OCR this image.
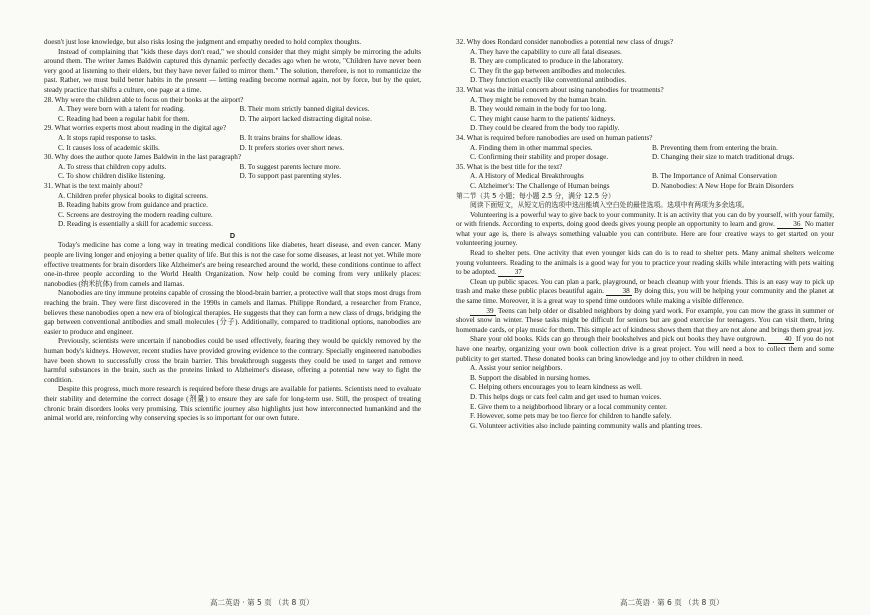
doesn't just lose knowledge, but also risks losing the judgment and empathy needed to hold complex thoughts.

Instead of complaining that "kids these days don't read," we should consider that they might simply be mirroring the adults around them. The writer James Baldwin captured this dynamic perfectly decades ago when he wrote, "Children have never been very good at listening to their elders, but they have never failed to mirror them." The solution, therefore, is not to romanticize the past. Rather, we must build better habits in the present — letting reading become normal again, not by force, but by the quiet, steady practice that shifts a culture, one page at a time.

28. Why were the children able to focus on their books at the airport?

A. They were born with a talent for reading.	B. Their mom strictly banned digital devices.
C. Reading had been a regular habit for them.	D. The airport lacked distracting digital noise.

29. What worries experts most about reading in the digital age?

A. It stops rapid response to tasks.	B. It trains brains for shallow ideas.
C. It causes loss of academic skills.	D. It prefers stories over short news.

30. Why does the author quote James Baldwin in the last paragraph?

A. To stress that children copy adults.	B. To suggest parents lecture more.
C. To show children dislike listening.	D. To support past parenting styles.

31. What is the text mainly about?

A. Children prefer physical books to digital screens.

B. Reading habits grow from guidance and practice.

C. Screens are destroying the modern reading culture.

D. Reading is essentially a skill for academic success.

D

Today's medicine has come a long way in treating medical conditions like diabetes, heart disease, and even cancer. Many people are living longer and enjoying a better quality of life. But this is not the case for some diseases, at least not yet. While more effective treatments for brain disorders like Alzheimer's are being researched around the world, these conditions continue to affect one-in-three people according to the World Health Organization. Now help could be coming from very unlikely places: nanobodies (纳米抗体) from camels and llamas.

Nanobodies are tiny immune proteins capable of crossing the blood-brain barrier, a protective wall that stops most drugs from reaching the brain. They were first discovered in the 1990s in camels and llamas. Philippe Rondard, a researcher from France, believes these nanobodies open a new era of biological therapies. He suggests that they can form a new class of drugs, bridging the gap between conventional antibodies and small molecules (分子). Additionally, compared to traditional options, nanobodies are easier to produce and engineer.

Previously, scientists were uncertain if nanobodies could be used effectively, fearing they would be quickly removed by the human body's kidneys. However, recent studies have provided growing evidence to the contrary. Specially engineered nanobodies have been shown to successfully cross the brain barrier. This breakthrough suggests they could be used to target and remove harmful substances in the brain, such as the proteins linked to Alzheimer's disease, offering a potential new way to fight the condition.

Despite this progress, much more research is required before these drugs are available for patients. Scientists need to evaluate their stability and determine the correct dosage (剂量) to ensure they are safe for long-term use. Still, the prospect of treating chronic brain disorders looks very promising. This scientific journey also highlights just how interconnected humankind and the animal world are, reinforcing why conserving species is so important for our own future.

32. Why does Rondard consider nanobodies a potential new class of drugs?

A. They have the capability to cure all fatal diseases.

B. They are complicated to produce in the laboratory.

C. They fit the gap between antibodies and molecules.

D. They function exactly like conventional antibodies.

33. What was the initial concern about using nanobodies for treatments?

A. They might be removed by the human brain.

B. They would remain in the body for too long.

C. They might cause harm to the patients' kidneys.

D. They could be cleared from the body too rapidly.

34. What is required before nanobodies are used on human patients?

A. Finding them in other mammal species.	B. Preventing them from entering the brain.
C. Confirming their stability and proper dosage.	D. Changing their size to match traditional drugs.

35. What is the best title for the text?

A. A History of Medical Breakthroughs	B. The Importance of Animal Conservation
C. Alzheimer's: The Challenge of Human beings	D. Nanobodies: A New Hope for Brain Disorders

第二节（共 5 小题；每小题 2.5 分，满分 12.5 分）

阅读下面短文，从短文后的选项中选出能填入空白处的最佳选项。选项中有两项为多余选项。

Volunteering is a powerful way to give back to your community. It is an activity that you can do by yourself, with your family, or with friends. According to experts, doing good deeds gives young people an opportunity to learn and grow.	36 No matter what your age is, there is always something valuable you can contribute. Here are four creative ways to get started on your volunteering journey.

Read to shelter pets. One activity that even younger kids can do is to read to shelter pets. Many animal shelters welcome young volunteers. Reading to the animals is a good way for you to practice your reading skills while interacting with pets waiting to be adopted.	37

Clean up public spaces. You can plan a park, playground, or beach cleanup with your friends. This is an easy way to pick up trash and make these public places beautiful again.	38 By doing this, you will be helping your community and the planet at the same time. Moreover, it is a great way to spend time outdoors while making a visible difference.

39 Teens can help older or disabled neighbors by doing yard work. For example, you can mow the grass in summer or shovel snow in winter. These tasks might be difficult for seniors but are good exercise for teenagers. You can visit them, bring homemade cards, or play music for them. This simple act of kindness shows them that they are not alone and brings them great joy.

Share your old books. Kids can go through their bookshelves and pick out books they have outgrown.	40 If you do not have one nearby, organizing your own book collection drive is a great project. You will need a box to collect them and some publicity to get started. These donated books can bring knowledge and joy to other children in need.

A. Assist your senior neighbors.

B. Support the disabled in nursing homes.

C. Helping others encourages you to learn kindness as well.

D. This helps dogs or cats feel calm and get used to human voices.

E. Give them to a neighborhood library or a local community center.

F. However, some pets may be too fierce for children to handle safely.

G. Volunteer activities also include painting community walls and planting trees.

高二英语 · 第 5 页 （共 8 页）	高二英语 · 第 6 页 （共 8 页）
